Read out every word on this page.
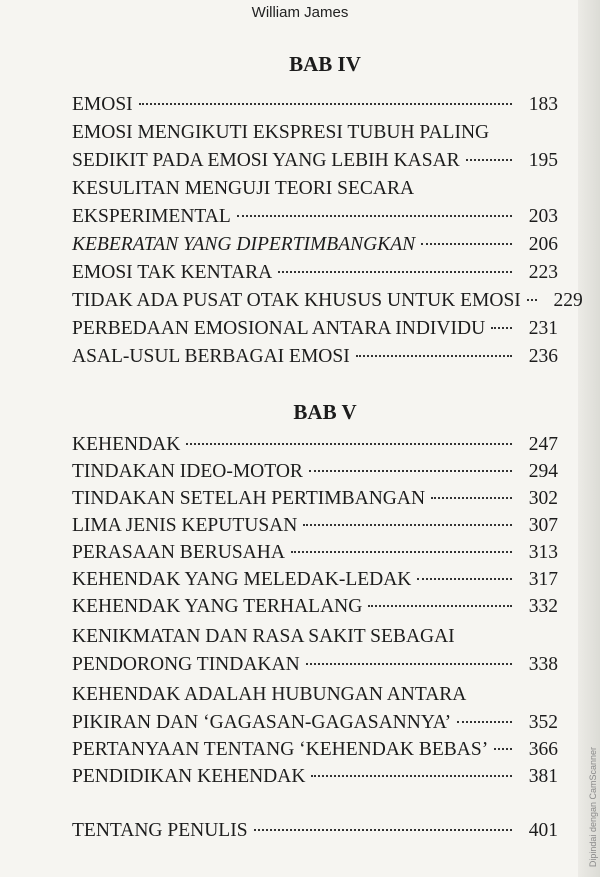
William James
BAB IV
EMOSI	183
EMOSI MENGIKUTI EKSPRESI TUBUH PALING
SEDIKIT PADA EMOSI YANG LEBIH KASAR	195
KESULITAN MENGUJI TEORI SECARA
EKSPERIMENTAL	203
KEBERATAN YANG DIPERTIMBANGKAN	206
EMOSI TAK KENTARA	223
TIDAK ADA PUSAT OTAK KHUSUS UNTUK EMOSI	229
PERBEDAAN EMOSIONAL ANTARA INDIVIDU	231
ASAL-USUL BERBAGAI EMOSI	236
BAB V
KEHENDAK	247
TINDAKAN IDEO-MOTOR	294
TINDAKAN SETELAH PERTIMBANGAN	302
LIMA JENIS KEPUTUSAN	307
PERASAAN BERUSAHA	313
KEHENDAK YANG MELEDAK-LEDAK	317
KEHENDAK YANG TERHALANG	332
KENIKMATAN DAN RASA SAKIT SEBAGAI
PENDORONG TINDAKAN	338
KEHENDAK ADALAH HUBUNGAN ANTARA
PIKIRAN DAN ‘GAGASAN-GAGASANNYA’	352
PERTANYAAN TENTANG ‘KEHENDAK BEBAS’	366
PENDIDIKAN KEHENDAK	381
TENTANG PENULIS	401	Dipindai dengan CamScanner
